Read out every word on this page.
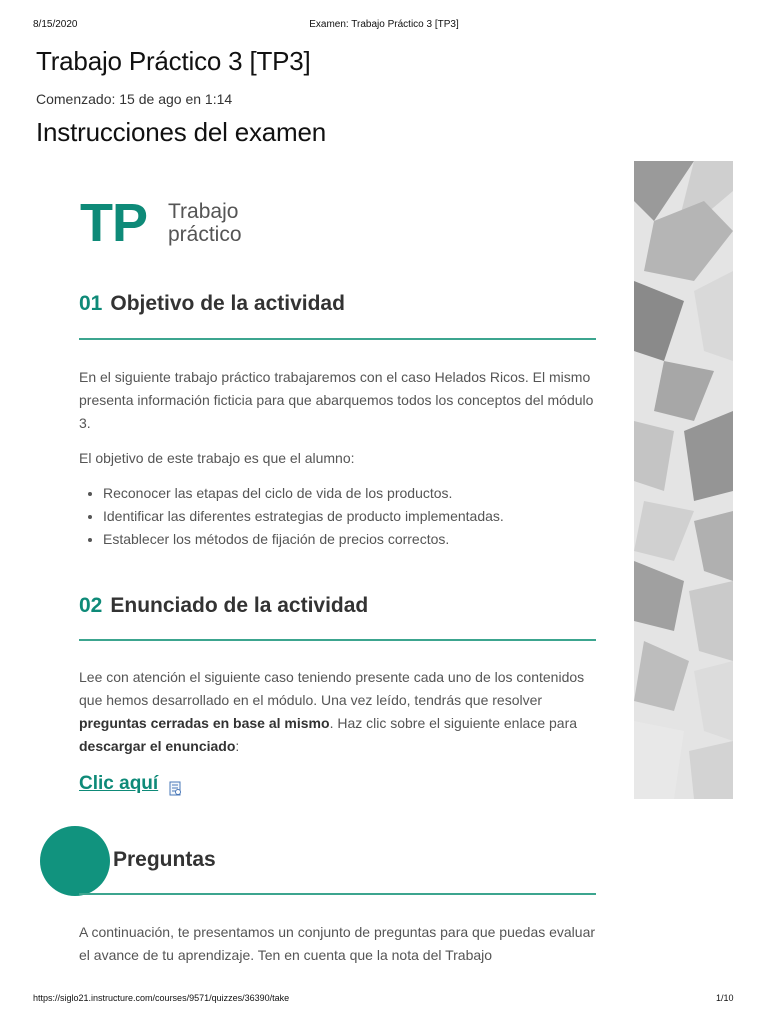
8/15/2020	Examen: Trabajo Práctico 3 [TP3]
Trabajo Práctico 3 [TP3]
Comenzado: 15 de ago en 1:14
Instrucciones del examen
TP Trabajo
práctico
01 Objetivo de la actividad
En el siguiente trabajo práctico trabajaremos con el caso Helados Ricos. El mismo presenta información ficticia para que abarquemos todos los conceptos del módulo 3.
El objetivo de este trabajo es que el alumno:
• Reconocer las etapas del ciclo de vida de los productos.
• Identificar las diferentes estrategias de producto implementadas.
• Establecer los métodos de fijación de precios correctos.
02 Enunciado de la actividad
Lee con atención el siguiente caso teniendo presente cada uno de los contenidos que hemos desarrollado en el módulo. Una vez leído, tendrás que resolver preguntas cerradas en base al mismo. Haz clic sobre el siguiente enlace para descargar el enunciado:
Clic aquí
Preguntas
A continuación, te presentamos un conjunto de preguntas para que puedas evaluar el avance de tu aprendizaje. Ten en cuenta que la nota del Trabajo
https://siglo21.instructure.com/courses/9571/quizzes/36390/take	1/10
